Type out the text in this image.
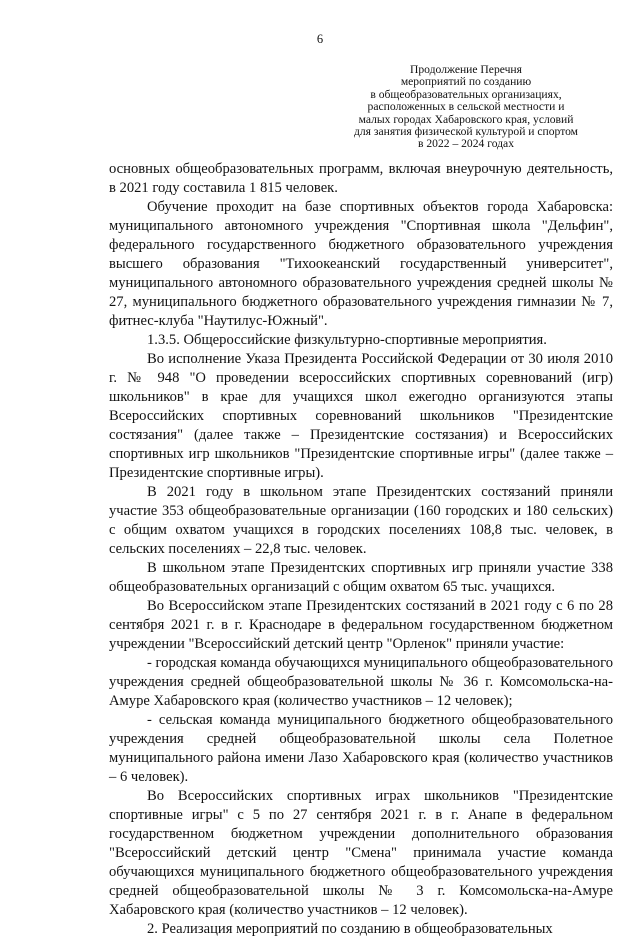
6
Продолжение Перечня
мероприятий по созданию
в общеобразовательных организациях,
расположенных в сельской местности и
малых городах Хабаровского края, условий
для занятия физической культурой и спортом
в 2022 – 2024 годах

основных общеобразовательных программ, включая внеурочную деятельность, в 2021 году составила 1 815 человек.

Обучение проходит на базе спортивных объектов города Хабаровска: муниципального автономного учреждения "Спортивная школа "Дельфин", федерального государственного бюджетного образовательного учреждения высшего образования "Тихоокеанский государственный университет", муниципального автономного образовательного учреждения средней школы № 27, муниципального бюджетного образовательного учреждения гимназии № 7, фитнес-клуба "Наутилус-Южный".

1.3.5. Общероссийские физкультурно-спортивные мероприятия.

Во исполнение Указа Президента Российской Федерации от 30 июля 2010 г. № 948 "О проведении всероссийских спортивных соревнований (игр) школьников" в крае для учащихся школ ежегодно организуются этапы Всероссийских спортивных соревнований школьников "Президентские состязания" (далее также – Президентские состязания) и Всероссийских спортивных игр школьников "Президентские спортивные игры" (далее также – Президентские спортивные игры).

В 2021 году в школьном этапе Президентских состязаний приняли участие 353 общеобразовательные организации (160 городских и 180 сельских) с общим охватом учащихся в городских поселениях 108,8 тыс. человек, в сельских поселениях – 22,8 тыс. человек.

В школьном этапе Президентских спортивных игр приняли участие 338 общеобразовательных организаций с общим охватом 65 тыс. учащихся.

Во Всероссийском этапе Президентских состязаний в 2021 году с 6 по 28 сентября 2021 г. в г. Краснодаре в федеральном государственном бюджетном учреждении "Всероссийский детский центр "Орленок" приняли участие:

- городская команда обучающихся муниципального общеобразовательного учреждения средней общеобразовательной школы № 36 г. Комсомольска-на-Амуре Хабаровского края (количество участников – 12 человек);

- сельская команда муниципального бюджетного общеобразовательного учреждения средней общеобразовательной школы села Полетное муниципального района имени Лазо Хабаровского края (количество участников – 6 человек).

Во Всероссийских спортивных играх школьников "Президентские спортивные игры" с 5 по 27 сентября 2021 г. в г. Анапе в федеральном государственном бюджетном учреждении дополнительного образования "Всероссийский детский центр "Смена" принимала участие команда обучающихся муниципального бюджетного общеобразовательного учреждения средней общеобразовательной школы № 3 г. Комсомольска-на-Амуре Хабаровского края (количество участников – 12 человек).

2. Реализация мероприятий по созданию в общеобразовательных
